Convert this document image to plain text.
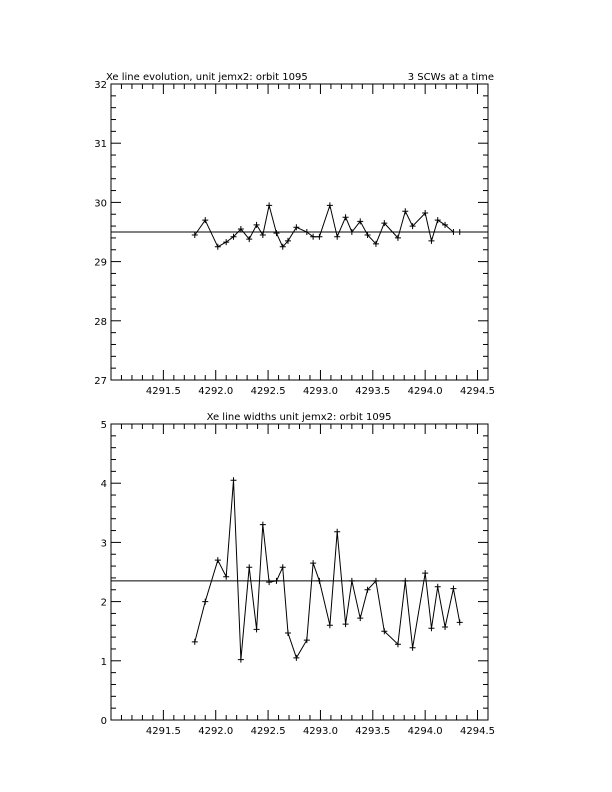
Xe line evolution, unit jemx2: orbit 1095	3 SCWs at a time
4291.5 4292.0 4292.5 4293.0 4293.5 4294.0 4294.5
27
28
29
30
31
32
Xe line widths unit jemx2: orbit 1095
4291.5 4292.0 4292.5 4293.0 4293.5 4294.0 4294.5
0
1
2
3
4
5
